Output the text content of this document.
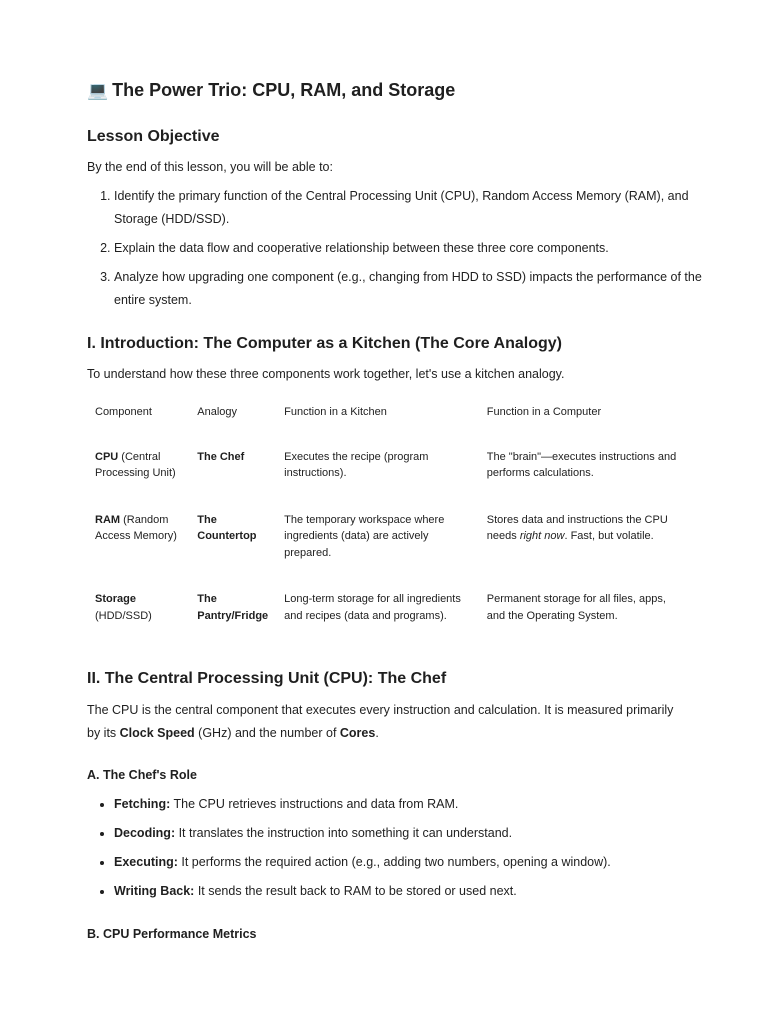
💻 The Power Trio: CPU, RAM, and Storage
Lesson Objective

By the end of this lesson, you will be able to:

1. Identify the primary function of the Central Processing Unit (CPU), Random Access Memory (RAM), and Storage (HDD/SSD).
2. Explain the data flow and cooperative relationship between these three core components.
3. Analyze how upgrading one component (e.g., changing from HDD to SSD) impacts the performance of the entire system.
I. Introduction: The Computer as a Kitchen (The Core Analogy)

To understand how these three components work together, let's use a kitchen analogy.

Component	Analogy	Function in a Kitchen	Function in a Computer
CPU (Central Processing Unit)	The Chef	Executes the recipe (program instructions).	The "brain"—executes instructions and performs calculations.
RAM (Random Access Memory)	The Countertop	The temporary workspace where ingredients (data) are actively prepared.	Stores data and instructions the CPU needs right now. Fast, but volatile.
Storage (HDD/SSD)	The Pantry/Fridge	Long-term storage for all ingredients and recipes (data and programs).	Permanent storage for all files, apps, and the Operating System.
II. The Central Processing Unit (CPU): The Chef

The CPU is the central component that executes every instruction and calculation. It is measured primarily by its Clock Speed (GHz) and the number of Cores.

A. The Chef's Role
• Fetching: The CPU retrieves instructions and data from RAM.
• Decoding: It translates the instruction into something it can understand.
• Executing: It performs the required action (e.g., adding two numbers, opening a window).
• Writing Back: It sends the result back to RAM to be stored or used next.
B. CPU Performance Metrics
